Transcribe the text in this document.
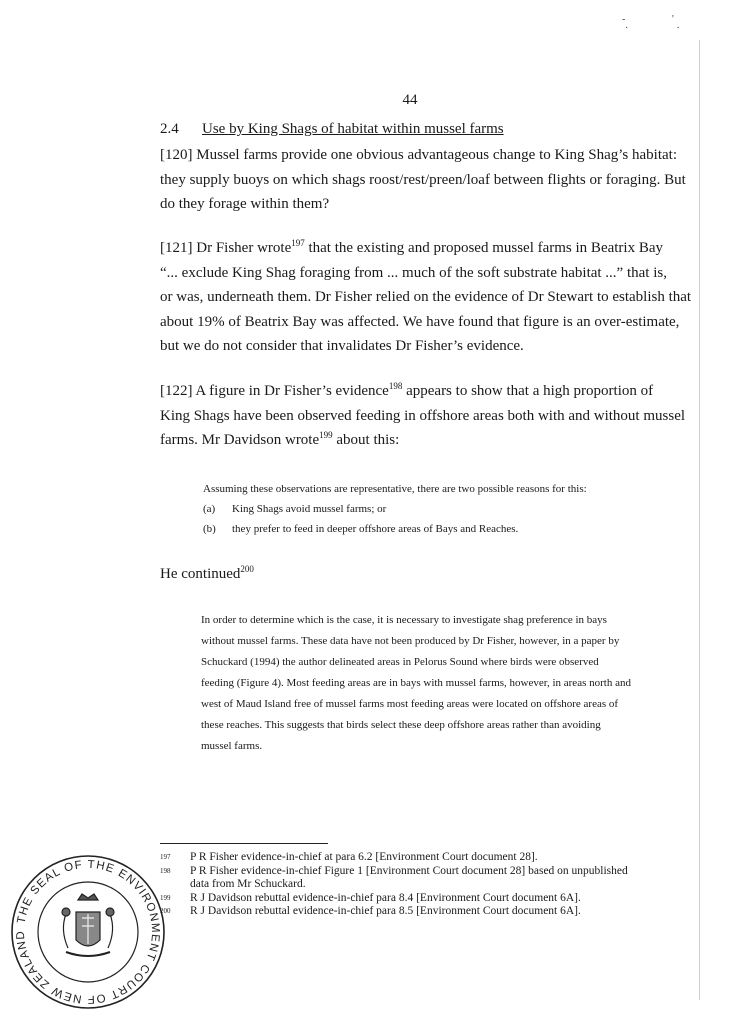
-.
'.
44
2.4 Use by King Shags of habitat within mussel farms
[120] Mussel farms provide one obvious advantageous change to King Shag’s habitat:
they supply buoys on which shags roost/rest/preen/loaf between flights or foraging. But
do they forage within them?
[121] Dr Fisher wrote$^{197}$ that the existing and proposed mussel farms in Beatrix Bay
“... exclude King Shag foraging from ... much of the soft substrate habitat ...” that is,
or was, underneath them. Dr Fisher relied on the evidence of Dr Stewart to establish that
about 19% of Beatrix Bay was affected. We have found that figure is an over-estimate,
but we do not consider that invalidates Dr Fisher’s evidence.
[122] A figure in Dr Fisher’s evidence$^{198}$ appears to show that a high proportion of
King Shags have been observed feeding in offshore areas both with and without mussel
farms. Mr Davidson wrote$^{199}$ about this:
Assuming these observations are representative, there are two possible reasons for this:
(a)	King Shags avoid mussel farms; or
(b)	they prefer to feed in deeper offshore areas of Bays and Reaches.
He continued$^{200}$
In order to determine which is the case, it is necessary to investigate shag preference in bays
without mussel farms. These data have not been produced by Dr Fisher, however, in a paper by
Schuckard (1994) the author delineated areas in Pelorus Sound where birds were observed
feeding (Figure 4). Most feeding areas are in bays with mussel farms, however, in areas north and
west of Maud Island free of mussel farms most feeding areas were located on offshore areas of
these reaches. This suggests that birds select these deep offshore areas rather than avoiding
mussel farms.
197	P R Fisher evidence-in-chief at para 6.2 [Environment Court document 28].
198	P R Fisher evidence-in-chief Figure 1 [Environment Court document 28] based on unpublished
data from Mr Schuckard.
199	R J Davidson rebuttal evidence-in-chief para 8.4 [Environment Court document 6A].
200	R J Davidson rebuttal evidence-in-chief para 8.5 [Environment Court document 6A].
THE SEAL OF THE ENVIRONMENT COURT OF NEW ZEALAND
